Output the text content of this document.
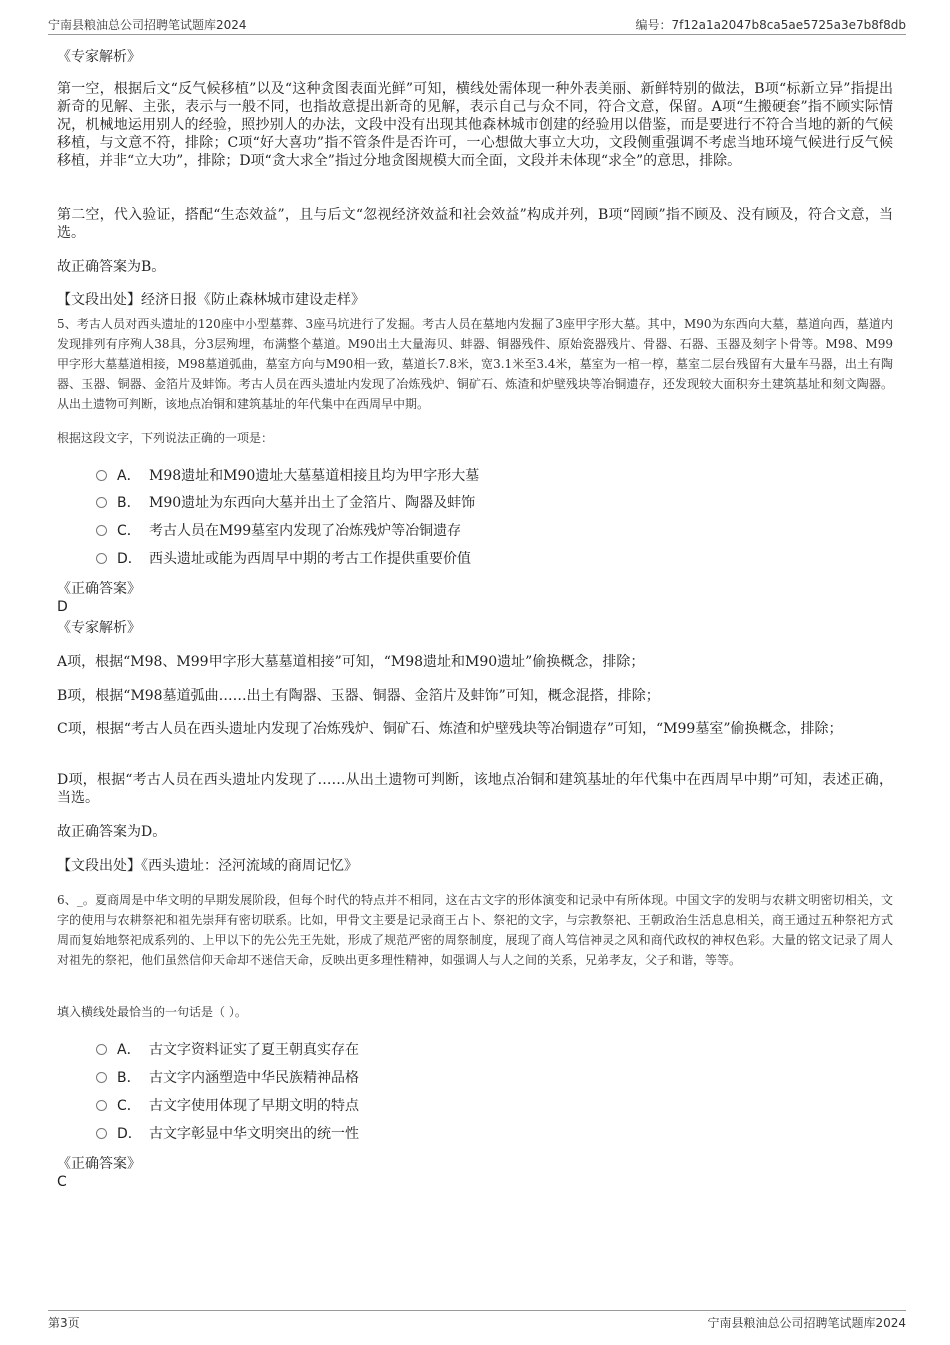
宁南县粮油总公司招聘笔试题库2024	编号：7f12a1a2047b8ca5ae5725a3e7b8f8db
《专家解析》

第一空，根据后文“反气候移植”以及“这种贪图表面光鲜”可知，横线处需体现一种外表美丽、新鲜特别的做法，B项“标新立异”指提出新奇的见解、主张，表示与一般不同，也指故意提出新奇的见解，表示自己与众不同，符合文意，保留。A项“生搬硬套”指不顾实际情况，机械地运用别人的经验，照抄别人的办法，文段中没有出现其他森林城市创建的经验用以借鉴，而是要进行不符合当地的新的气候移植，与文意不符，排除；C项“好大喜功”指不管条件是否许可，一心想做大事立大功，文段侧重强调不考虑当地环境气候进行反气候移植，并非“立大功”，排除；D项“贪大求全”指过分地贪图规模大而全面，文段并未体现“求全”的意思，排除。

第二空，代入验证，搭配“生态效益”，且与后文“忽视经济效益和社会效益”构成并列，B项“罔顾”指不顾及、没有顾及，符合文意，当选。

故正确答案为B。

【文段出处】经济日报《防止森林城市建设走样》

5、考古人员对西头遗址的120座中小型墓葬、3座马坑进行了发掘。考古人员在墓地内发掘了3座甲字形大墓。其中，M90为东西向大墓，墓道向西，墓道内发现排列有序殉人38具，分3层殉埋，布满整个墓道。M90出土大量海贝、蚌器、铜器残件、原始瓷器残片、骨器、石器、玉器及刻字卜骨等。M98、M99甲字形大墓墓道相接，M98墓道弧曲，墓室方向与M90相一致，墓道长7.8米，宽3.1米至3.4米，墓室为一棺一椁，墓室二层台残留有大量车马器，出土有陶器、玉器、铜器、金箔片及蚌饰。考古人员在西头遗址内发现了冶炼残炉、铜矿石、炼渣和炉壁残块等冶铜遗存，还发现较大面积夯土建筑基址和刻文陶器。从出土遗物可判断，该地点冶铜和建筑基址的年代集中在西周早中期。

根据这段文字，下列说法正确的一项是：

A． M98遗址和M90遗址大墓墓道相接且均为甲字形大墓
B． M90遗址为东西向大墓并出土了金箔片、陶器及蚌饰
C． 考古人员在M99墓室内发现了冶炼残炉等冶铜遗存
D． 西头遗址或能为西周早中期的考古工作提供重要价值
《正确答案》
D
《专家解析》

A项，根据“M98、M99甲字形大墓墓道相接”可知，“M98遗址和M90遗址”偷换概念，排除；

B项，根据“M98墓道弧曲……出土有陶器、玉器、铜器、金箔片及蚌饰”可知，概念混搭，排除；

C项，根据“考古人员在西头遗址内发现了冶炼残炉、铜矿石、炼渣和炉壁残块等冶铜遗存”可知，“M99墓室”偷换概念，排除；

D项，根据“考古人员在西头遗址内发现了……从出土遗物可判断，该地点冶铜和建筑基址的年代集中在西周早中期”可知，表述正确，当选。

故正确答案为D。

【文段出处】《西头遗址：泾河流域的商周记忆》

6、_。夏商周是中华文明的早期发展阶段，但每个时代的特点并不相同，这在古文字的形体演变和记录中有所体现。中国文字的发明与农耕文明密切相关，文字的使用与农耕祭祀和祖先崇拜有密切联系。比如，甲骨文主要是记录商王占卜、祭祀的文字，与宗教祭祀、王朝政治生活息息相关，商王通过五种祭祀方式周而复始地祭祀成系列的、上甲以下的先公先王先妣，形成了规范严密的周祭制度，展现了商人笃信神灵之风和商代政权的神权色彩。大量的铭文记录了周人对祖先的祭祀，他们虽然信仰天命却不迷信天命，反映出更多理性精神，如强调人与人之间的关系，兄弟孝友，父子和谐，等等。

填入横线处最恰当的一句话是（ ）。

A． 古文字资料证实了夏王朝真实存在
B． 古文字内涵塑造中华民族精神品格
C． 古文字使用体现了早期文明的特点
D． 古文字彰显中华文明突出的统一性
《正确答案》
C
第3页	宁南县粮油总公司招聘笔试题库2024
